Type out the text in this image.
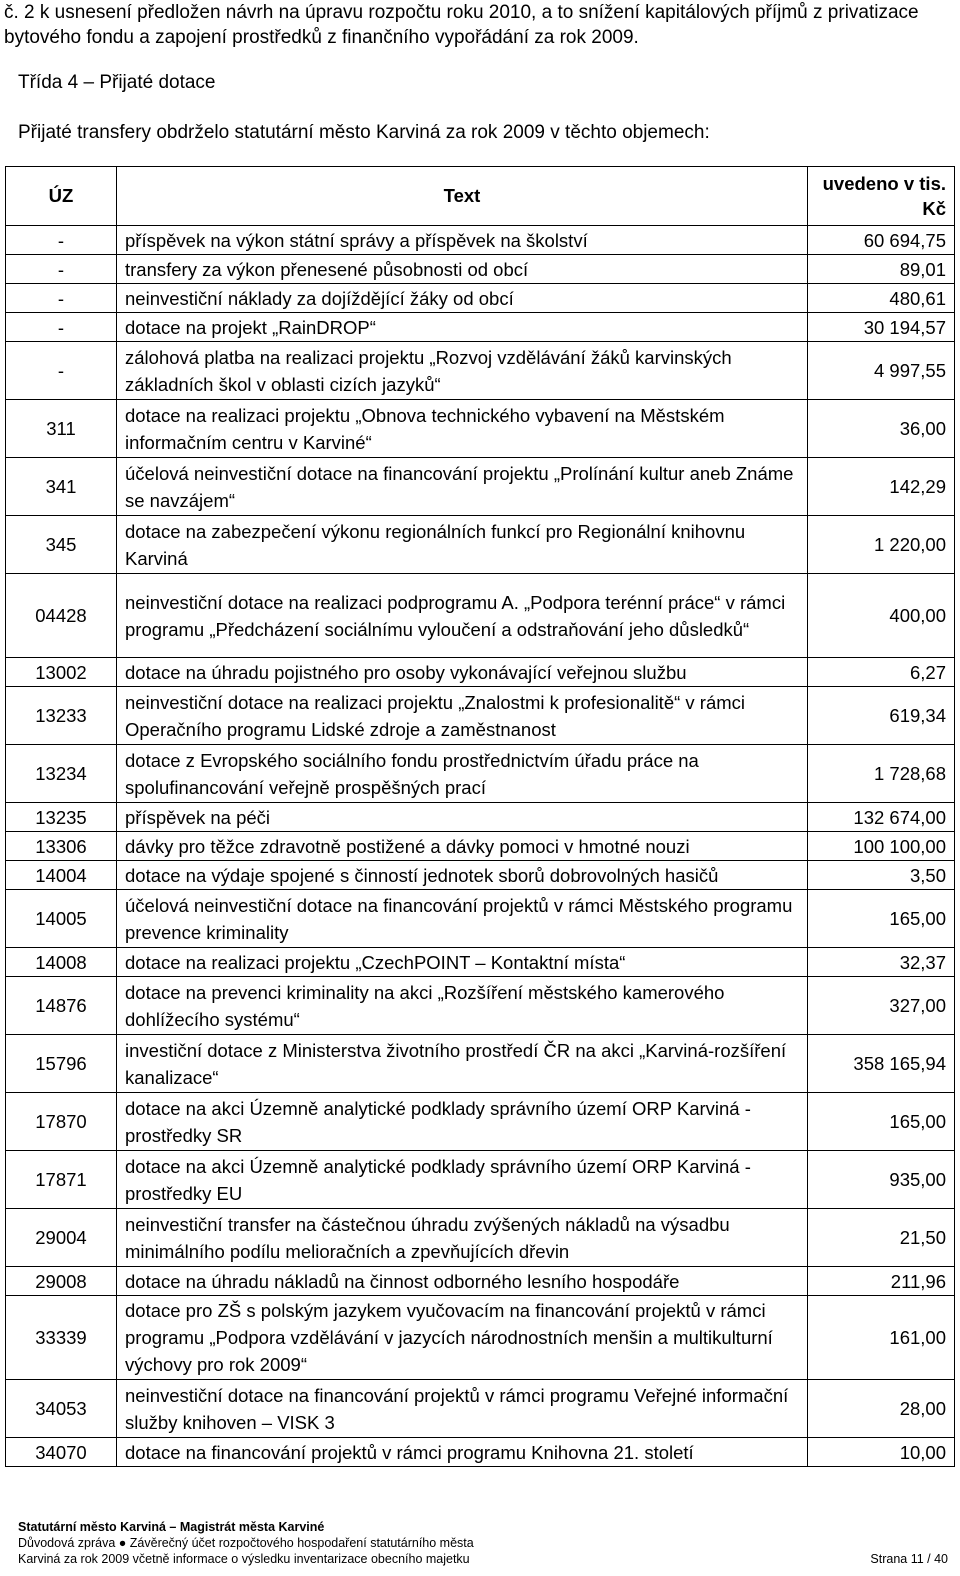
č. 2 k usnesení předložen návrh na úpravu rozpočtu roku 2010, a to snížení kapitálových příjmů z privatizace bytového fondu a zapojení prostředků z finančního vypořádání za rok 2009.
Třída 4 – Přijaté dotace
Přijaté transfery obdrželo statutární město Karviná za rok 2009 v těchto objemech:
ÚZ	Text	uvedeno v tis. Kč
-	příspěvek na výkon státní správy a příspěvek na školství	60 694,75
-	transfery za výkon přenesené působnosti od obcí	89,01
-	neinvestiční náklady za dojíždějící žáky od obcí	480,61
-	dotace na projekt „RainDROP“	30 194,57
-	zálohová platba na realizaci projektu „Rozvoj vzdělávání žáků karvinských základních škol v oblasti cizích jazyků“	4 997,55
311	dotace na realizaci projektu „Obnova technického vybavení na Městském informačním centru v Karviné“	36,00
341	účelová neinvestiční dotace na financování projektu „Prolínání kultur aneb Známe se navzájem“	142,29
345	dotace na zabezpečení výkonu regionálních funkcí pro Regionální knihovnu Karviná	1 220,00
04428	neinvestiční dotace na realizaci podprogramu A. „Podpora terénní práce“ v rámci programu „Předcházení sociálnímu vyloučení a odstraňování jeho důsledků“	400,00
13002	dotace na úhradu pojistného pro osoby vykonávající veřejnou službu	6,27
13233	neinvestiční dotace na realizaci projektu „Znalostmi k profesionalitě“ v rámci Operačního programu Lidské zdroje a zaměstnanost	619,34
13234	dotace z Evropského sociálního fondu prostřednictvím úřadu práce na spolufinancování veřejně prospěšných prací	1 728,68
13235	příspěvek na péči	132 674,00
13306	dávky pro těžce zdravotně postižené a dávky pomoci v hmotné nouzi	100 100,00
14004	dotace na výdaje spojené s činností jednotek sborů dobrovolných hasičů	3,50
14005	účelová neinvestiční dotace na financování projektů v rámci Městského programu prevence kriminality	165,00
14008	dotace na realizaci projektu „CzechPOINT – Kontaktní místa“	32,37
14876	dotace na prevenci kriminality na akci „Rozšíření městského kamerového dohlížecího systému“	327,00
15796	investiční dotace z Ministerstva životního prostředí ČR na akci „Karviná-rozšíření kanalizace“	358 165,94
17870	dotace na akci Územně analytické podklady správního území ORP Karviná - prostředky SR	165,00
17871	dotace na akci Územně analytické podklady správního území ORP Karviná - prostředky EU	935,00
29004	neinvestiční transfer na částečnou úhradu zvýšených nákladů na výsadbu minimálního podílu melioračních a zpevňujících dřevin	21,50
29008	dotace na úhradu nákladů na činnost odborného lesního hospodáře	211,96
33339	dotace pro ZŠ s polským jazykem vyučovacím na financování projektů v rámci programu „Podpora vzdělávání v jazycích národnostních menšin a multikulturní výchovy pro rok 2009“	161,00
34053	neinvestiční dotace na financování projektů v rámci programu Veřejné informační služby knihoven – VISK 3	28,00
34070	dotace na financování projektů v rámci programu Knihovna 21. století	10,00
Statutární město Karviná – Magistrát města Karviné
Důvodová zpráva ● Závěrečný účet rozpočtového hospodaření statutárního města
Karviná za rok 2009 včetně informace o výsledku inventarizace obecního majetku	Strana 11 / 40
